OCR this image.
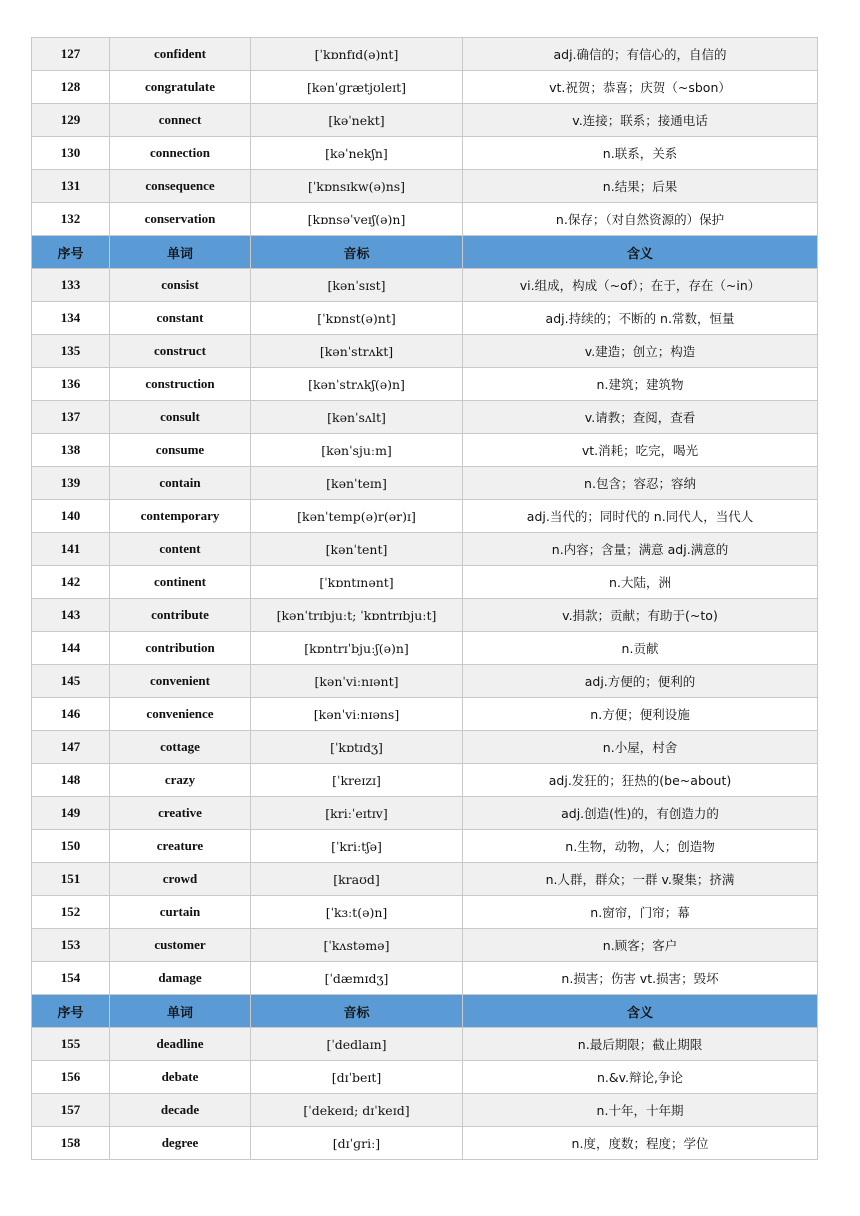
127	confident	[ˈkɒnfɪd(ə)nt]	adj.确信的；有信心的，自信的
128	congratulate	[kənˈɡrætjʊleɪt]	vt.祝贺；恭喜；庆贺（~sbon）
129	connect	[kəˈnekt]	v.连接；联系；接通电话
130	connection	[kəˈnekʃn]	n.联系，关系
131	consequence	[ˈkɒnsɪkw(ə)ns]	n.结果；后果
132	conservation	[kɒnsəˈveɪʃ(ə)n]	n.保存；（对自然资源的）保护
序号	单词	音标	含义
133	consist	[kənˈsɪst]	vi.组成，构成（~of）；在于，存在（~in）
134	constant	[ˈkɒnst(ə)nt]	adj.持续的；不断的 n.常数，恒量
135	construct	[kənˈstrʌkt]	v.建造；创立；构造
136	construction	[kənˈstrʌkʃ(ə)n]	n.建筑；建筑物
137	consult	[kənˈsʌlt]	v.请教；查阅，查看
138	consume	[kənˈsjuːm]	vt.消耗；吃完，喝光
139	contain	[kənˈteɪn]	n.包含；容忍；容纳
140	contemporary	[kənˈtemp(ə)r(ər)ɪ]	adj.当代的；同时代的 n.同代人，当代人
141	content	[kənˈtent]	n.内容；含量；满意 adj.满意的
142	continent	[ˈkɒntɪnənt]	n.大陆，洲
143	contribute	[kənˈtrɪbjuːt; ˈkɒntrɪbjuːt]	v.捐款；贡献；有助于(~to)
144	contribution	[kɒntrɪˈbjuːʃ(ə)n]	n.贡献
145	convenient	[kənˈviːnɪənt]	adj.方便的；便利的
146	convenience	[kənˈviːnɪəns]	n.方便；便利设施
147	cottage	[ˈkɒtɪdʒ]	n.小屋，村舍
148	crazy	[ˈkreɪzɪ]	adj.发狂的；狂热的(be~about)
149	creative	[kriːˈeɪtɪv]	adj.创造(性)的，有创造力的
150	creature	[ˈkriːtʃə]	n.生物，动物，人；创造物
151	crowd	[kraʊd]	n.人群，群众；一群 v.聚集；挤满
152	curtain	[ˈkɜːt(ə)n]	n.窗帘，门帘；幕
153	customer	[ˈkʌstəmə]	n.顾客；客户
154	damage	[ˈdæmɪdʒ]	n.损害；伤害 vt.损害；毁坏
序号	单词	音标	含义
155	deadline	[ˈdedlaɪn]	n.最后期限；截止期限
156	debate	[dɪˈbeɪt]	n.&v.辩论,争论
157	decade	[ˈdekeɪd; dɪˈkeɪd]	n.十年，十年期
158	degree	[dɪˈɡriː]	n.度，度数；程度；学位
